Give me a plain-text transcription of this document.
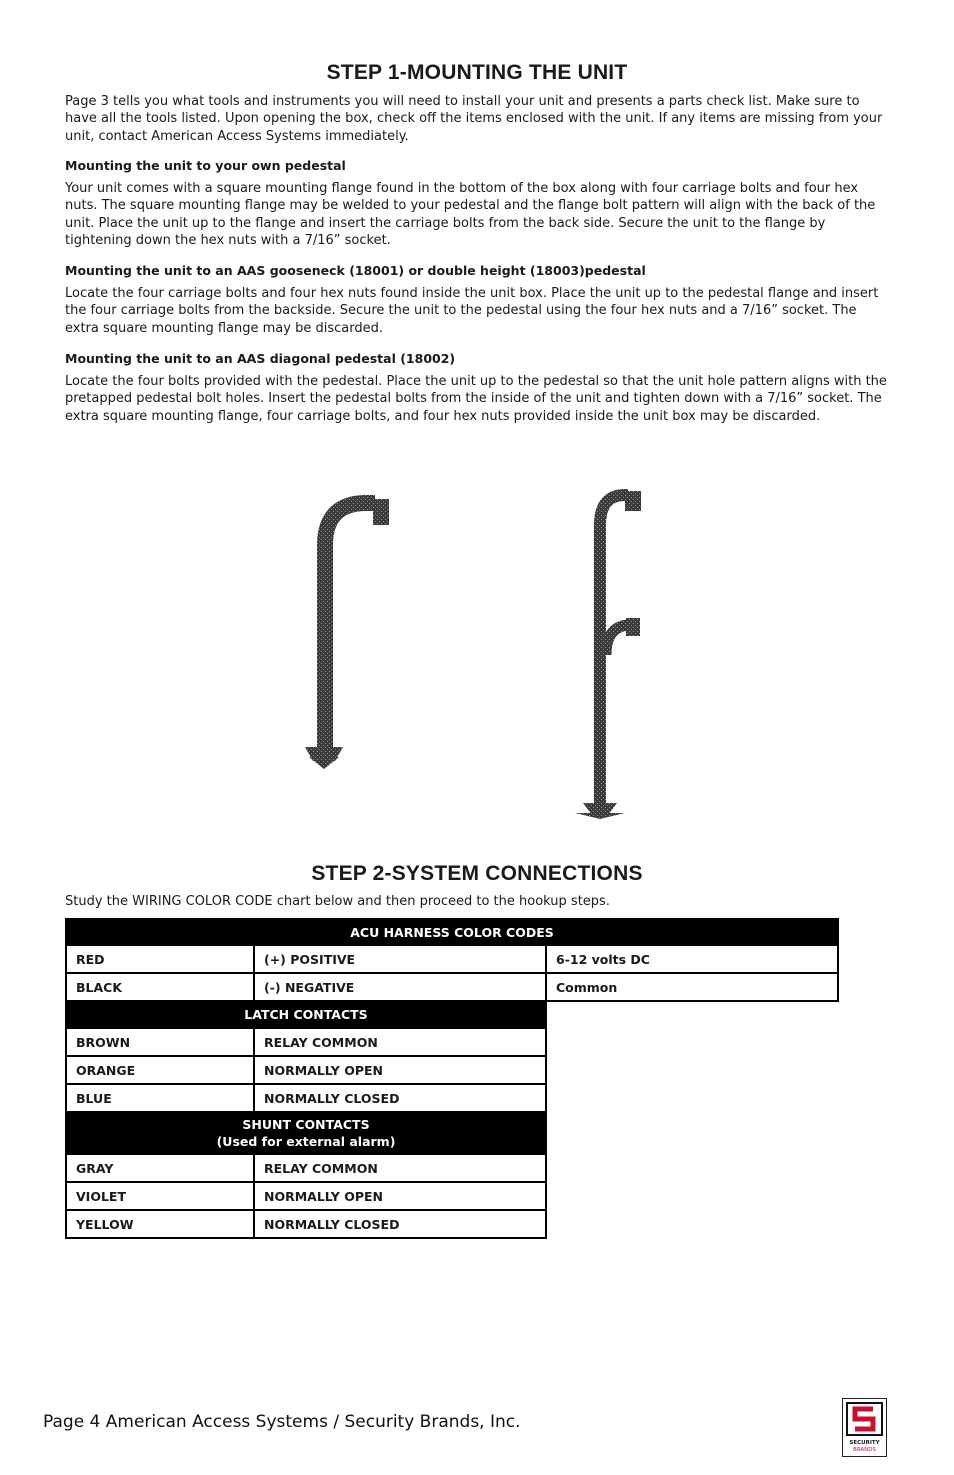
STEP 1-MOUNTING THE UNIT

Page 3 tells you what tools and instruments you will need to install your unit and presents a parts check list. Make sure to have all the tools listed. Upon opening the box, check off the items enclosed with the unit. If any items are missing from your unit, contact American Access Systems immediately.

Mounting the unit to your own pedestal

Your unit comes with a square mounting flange found in the bottom of the box along with four carriage bolts and four hex nuts. The square mounting flange may be welded to your pedestal and the flange bolt pattern will align with the back of the unit. Place the unit up to the flange and insert the carriage bolts from the back side. Secure the unit to the flange by tightening down the hex nuts with a 7/16” socket.

Mounting the unit to an AAS gooseneck (18001) or double height (18003)pedestal

Locate the four carriage bolts and four hex nuts found inside the unit box. Place the unit up to the pedestal flange and insert the four carriage bolts from the backside. Secure the unit to the pedestal using the four hex nuts and a 7/16” socket. The extra square mounting flange may be discarded.

Mounting the unit to an AAS diagonal pedestal (18002)

Locate the four bolts provided with the pedestal. Place the unit up to the pedestal so that the unit hole pattern aligns with the pretapped pedestal bolt holes. Insert the pedestal bolts from the inside of the unit and tighten down with a 7/16” socket. The extra square mounting flange, four carriage bolts, and four hex nuts provided inside the unit box may be discarded.

STEP 2-SYSTEM CONNECTIONS

Study the WIRING COLOR CODE chart below and then proceed to the hookup steps.

ACU HARNESS COLOR CODES		
RED	(+) POSITIVE	6-12 volts DC
BLACK	(-) NEGATIVE	Common
LATCH CONTACTS		
BROWN	RELAY COMMON	
ORANGE	NORMALLY OPEN	
BLUE	NORMALLY CLOSED	
SHUNT CONTACTS
(Used for external alarm)		
GRAY	RELAY COMMON	
VIOLET	NORMALLY OPEN	
YELLOW	NORMALLY CLOSED	

Page 4 American Access Systems / Security Brands, Inc.

SECURITY
BRANDS
